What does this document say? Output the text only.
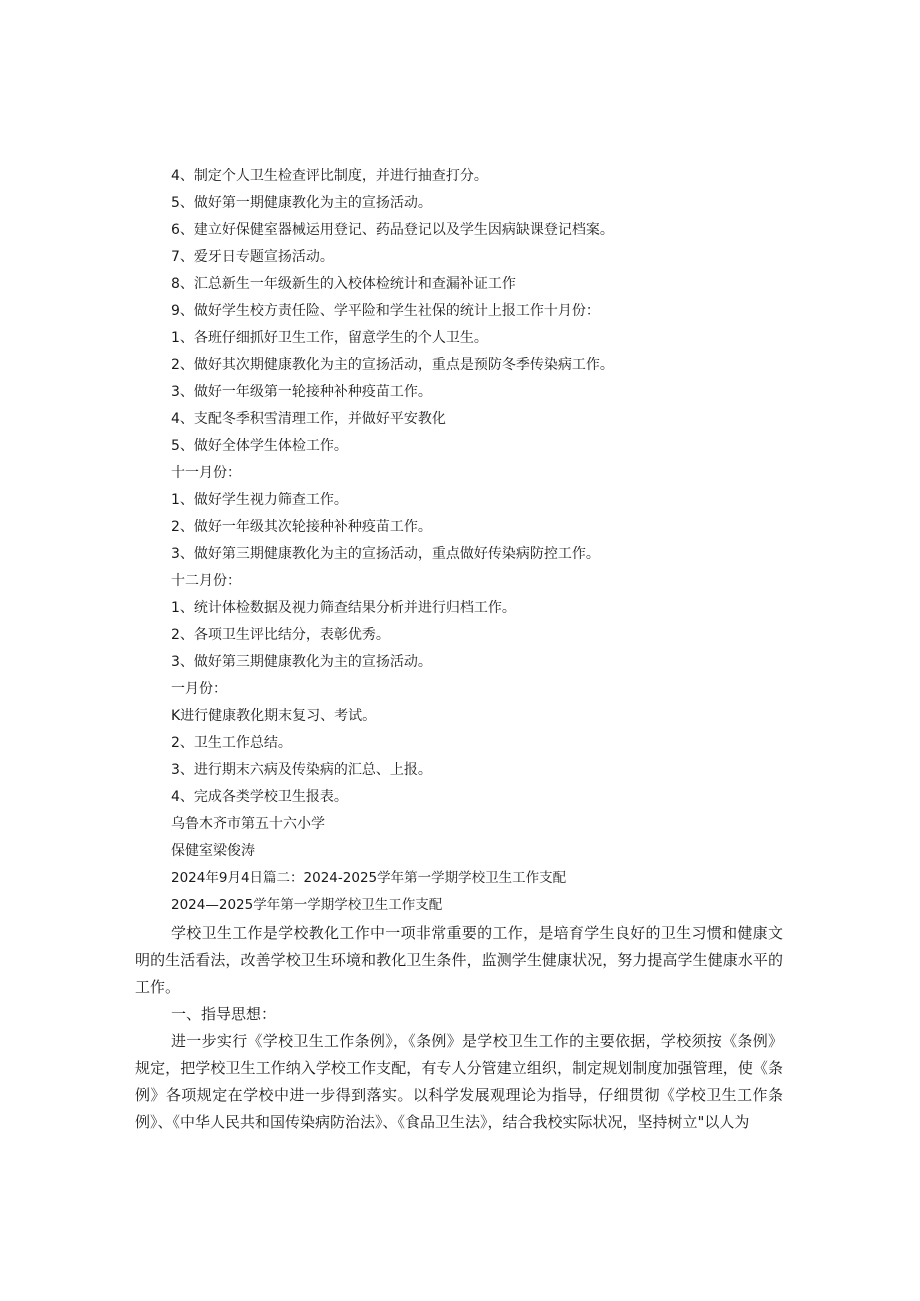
4、制定个人卫生检查评比制度，并进行抽查打分。
5、做好第一期健康教化为主的宣扬活动。
6、建立好保健室器械运用登记、药品登记以及学生因病缺课登记档案。
7、爱牙日专题宣扬活动。
8、汇总新生一年级新生的入校体检统计和查漏补证工作
9、做好学生校方责任险、学平险和学生社保的统计上报工作十月份：
1、各班仔细抓好卫生工作，留意学生的个人卫生。
2、做好其次期健康教化为主的宣扬活动，重点是预防冬季传染病工作。
3、做好一年级第一轮接种补种疫苗工作。
4、支配冬季积雪清理工作，并做好平安教化
5、做好全体学生体检工作。
十一月份：
1、做好学生视力筛查工作。
2、做好一年级其次轮接种补种疫苗工作。
3、做好第三期健康教化为主的宣扬活动，重点做好传染病防控工作。
十二月份：
1、统计体检数据及视力筛查结果分析并进行归档工作。
2、各项卫生评比结分，表彰优秀。
3、做好第三期健康教化为主的宣扬活动。
一月份：
K进行健康教化期末复习、考试。
2、卫生工作总结。
3、进行期末六病及传染病的汇总、上报。
4、完成各类学校卫生报表。
乌鲁木齐市第五十六小学
保健室梁俊涛
2024年9月4日篇二：2024-2025学年第一学期学校卫生工作支配
2024—2025学年第一学期学校卫生工作支配
学校卫生工作是学校教化工作中一项非常重要的工作，是培育学生良好的卫生习惯和健康文明的生活看法，改善学校卫生环境和教化卫生条件，监测学生健康状况，努力提高学生健康水平的工作。
一、指导思想：
进一步实行《学校卫生工作条例》，《条例》是学校卫生工作的主要依据，学校须按《条例》规定，把学校卫生工作纳入学校工作支配，有专人分管建立组织，制定规划制度加强管理，使《条例》各项规定在学校中进一步得到落实。以科学发展观理论为指导，仔细贯彻《学校卫生工作条例》、《中华人民共和国传染病防治法》、《食品卫生法》，结合我校实际状况，坚持树立"以人为
